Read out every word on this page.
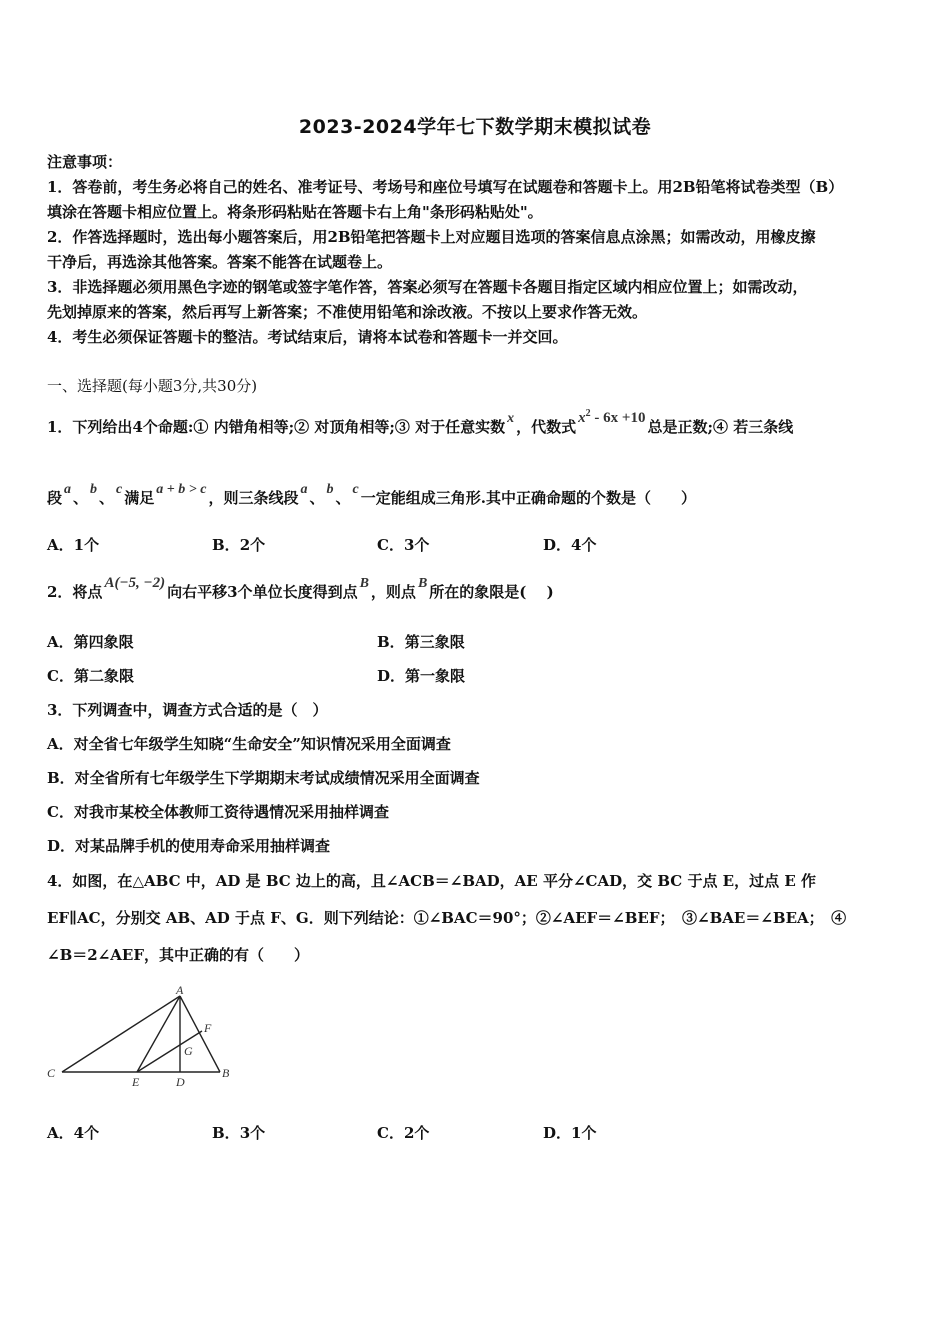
2023-2024学年七下数学期末模拟试卷
注意事项：
1．答卷前，考生务必将自己的姓名、准考证号、考场号和座位号填写在试题卷和答题卡上。用2B铅笔将试卷类型（B）
填涂在答题卡相应位置上。将条形码粘贴在答题卡右上角"条形码粘贴处"。
2．作答选择题时，选出每小题答案后，用2B铅笔把答题卡上对应题目选项的答案信息点涂黑；如需改动，用橡皮擦
干净后，再选涂其他答案。答案不能答在试题卷上。
3．非选择题必须用黑色字迹的钢笔或签字笔作答，答案必须写在答题卡各题目指定区域内相应位置上；如需改动，
先划掉原来的答案，然后再写上新答案；不准使用铅笔和涂改液。不按以上要求作答无效。
4．考生必须保证答题卡的整洁。考试结束后，请将本试卷和答题卡一并交回。
一、选择题(每小题3分,共30分)
1．下列给出4个命题:① 内错角相等;② 对顶角相等;③ 对于任意实数 x ，代数式 $x^2 - 6x +10$ 总是正数;④ 若三条线
段 a 、 b 、 c 满足 a + b > c ，则三条线段 a 、 b 、 c 一定能组成三角形.其中正确命题的个数是（　　）
A．1个	B．2个	C．3个	D．4个
2．将点 A(−5, −2) 向右平移3个单位长度得到点 B ，则点 B 所在的象限是(　 )
A．第四象限	B．第三象限
C．第二象限	D．第一象限
3．下列调查中，调查方式合适的是（　）
A．对全省七年级学生知晓“生命安全”知识情况采用全面调查
B．对全省所有七年级学生下学期期末考试成绩情况采用全面调查
C．对我市某校全体教师工资待遇情况采用抽样调查
D．对某品牌手机的使用寿命采用抽样调查
4．如图，在△ABC 中，AD 是 BC 边上的高，且∠ACB＝∠BAD，AE 平分∠CAD，交 BC 于点 E，过点 E 作
EF∥AC，分别交 AB、AD 于点 F、G．则下列结论：①∠BAC＝90°；②∠AEF＝∠BEF；　③∠BAE＝∠BEA；　④
∠B＝2∠AEF，其中正确的有（　　）
A
F
G
C
E	D
B
A．4个	B．3个	C．2个	D．1个
